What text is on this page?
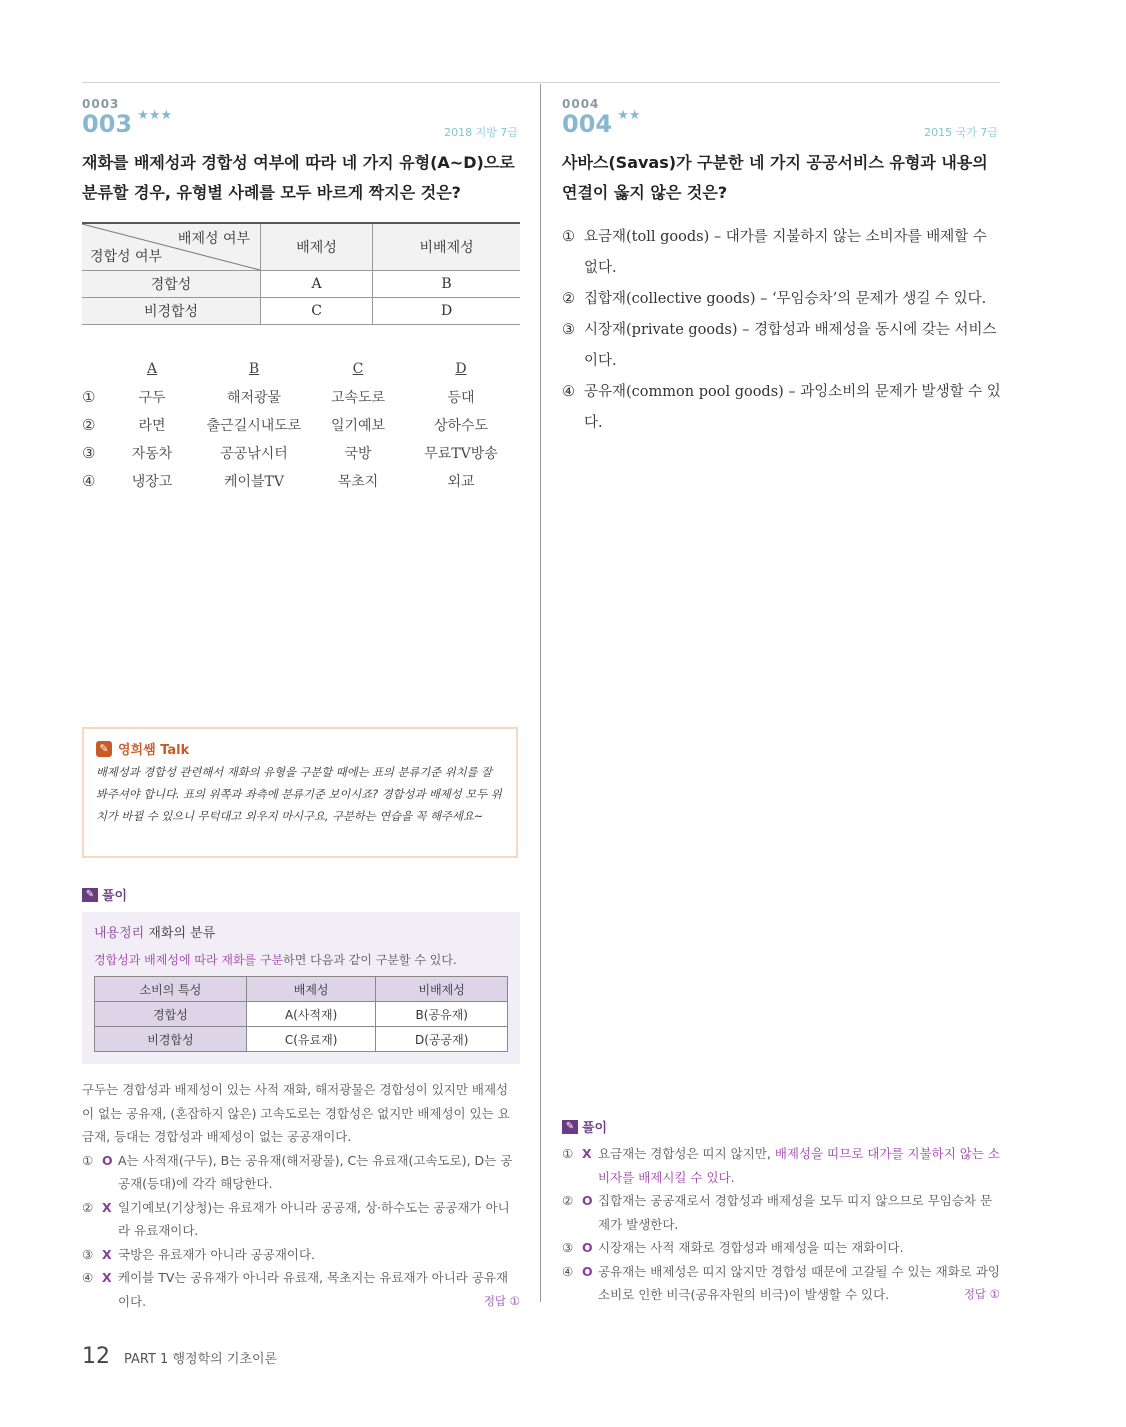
0003
003 ★★★
2018 지방 7급
재화를 배제성과 경합성 여부에 따라 네 가지 유형(A~D)으로 분류할 경우, 유형별 사례를 모두 바르게 짝지은 것은?
배제성 여부
경합성 여부	배제성	비배제성
경합성	A	B
비경합성	C	D
A	B	C	D
①	구두	해저광물	고속도로	등대
②	라면	출근길시내도로	일기예보	상하수도
③	자동차	공공낚시터	국방	무료TV방송
④	냉장고	케이블TV	목초지	외교
✎ 영희쌤 Talk
배제성과 경합성 관련해서 재화의 유형을 구분할 때에는 표의 분류기준 위치를 잘 봐주셔야 합니다. 표의 위쪽과 좌측에 분류기준 보이시죠? 경합성과 배제성 모두 위치가 바뀔 수 있으니 무턱대고 외우지 마시구요, 구분하는 연습을 꼭 해주세요~
✎ 풀이
내용정리 재화의 분류
경합성과 배제성에 따라 재화를 구분하면 다음과 같이 구분할 수 있다.
소비의 특성	배제성	비배제성
경합성	A(사적재)	B(공유재)
비경합성	C(유료재)	D(공공재)
구두는 경합성과 배제성이 있는 사적 재화, 해저광물은 경합성이 있지만 배제성이 없는 공유재, (혼잡하지 않은) 고속도로는 경합성은 없지만 배제성이 있는 요금재, 등대는 경합성과 배제성이 없는 공공재이다.
① O A는 사적재(구두), B는 공유재(해저광물), C는 유료재(고속도로), D는 공공재(등대)에 각각 해당한다.
② X 일기예보(기상청)는 유료재가 아니라 공공재, 상·하수도는 공공재가 아니라 유료재이다.
③ X 국방은 유료재가 아니라 공공재이다.
④ X 케이블 TV는 공유재가 아니라 유료재, 목초지는 유료재가 아니라 공유재이다.	정답 ①
0004
004 ★★
2015 국가 7급
사바스(Savas)가 구분한 네 가지 공공서비스 유형과 내용의 연결이 옳지 않은 것은?
① 요금재(toll goods) – 대가를 지불하지 않는 소비자를 배제할 수 없다.
② 집합재(collective goods) – ‘무임승차’의 문제가 생길 수 있다.
③ 시장재(private goods) – 경합성과 배제성을 동시에 갖는 서비스이다.
④ 공유재(common pool goods) – 과잉소비의 문제가 발생할 수 있다.
✎ 풀이
① X 요금재는 경합성은 띠지 않지만, 배제성을 띠므로 대가를 지불하지 않는 소비자를 배제시킬 수 있다.
② O 집합재는 공공재로서 경합성과 배제성을 모두 띠지 않으므로 무임승차 문제가 발생한다.
③ O 시장재는 사적 재화로 경합성과 배제성을 띠는 재화이다.
④ O 공유재는 배제성은 띠지 않지만 경합성 때문에 고갈될 수 있는 재화로 과잉소비로 인한 비극(공유자원의 비극)이 발생할 수 있다.	정답 ①
12 PART 1 행정학의 기초이론
